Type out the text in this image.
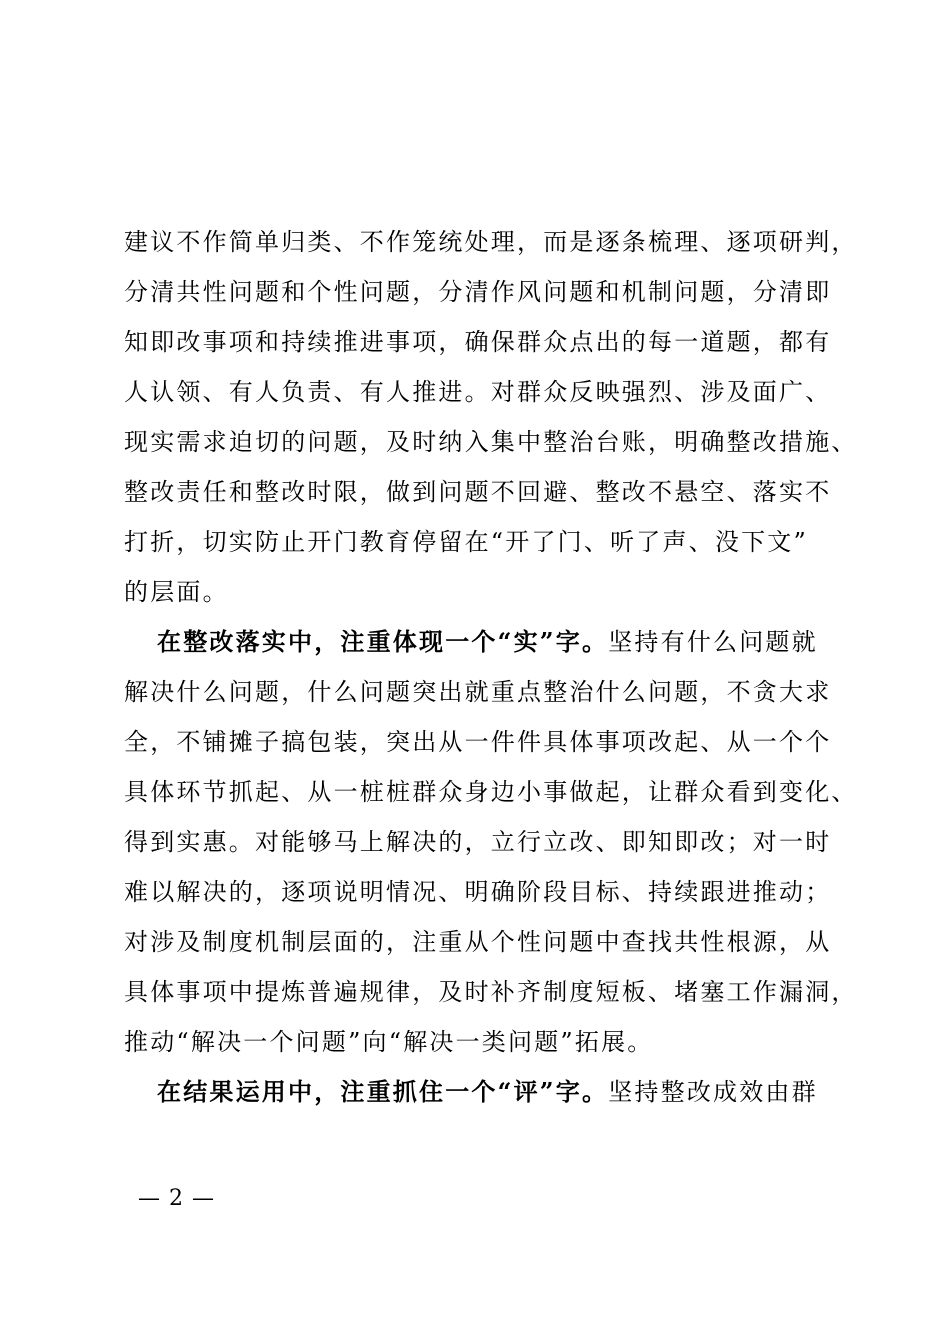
建议不作简单归类、不作笼统处理，而是逐条梳理、逐项研判，
分清共性问题和个性问题，分清作风问题和机制问题，分清即
知即改事项和持续推进事项，确保群众点出的每一道题，都有
人认领、有人负责、有人推进。对群众反映强烈、涉及面广、
现实需求迫切的问题，及时纳入集中整治台账，明确整改措施、
整改责任和整改时限，做到问题不回避、整改不悬空、落实不
打折，切实防止开门教育停留在“开了门、听了声、没下文”
的层面。
在整改落实中，注重体现一个“实”字。坚持有什么问题就
解决什么问题，什么问题突出就重点整治什么问题，不贪大求
全，不铺摊子搞包装，突出从一件件具体事项改起、从一个个
具体环节抓起、从一桩桩群众身边小事做起，让群众看到变化、
得到实惠。对能够马上解决的，立行立改、即知即改；对一时
难以解决的，逐项说明情况、明确阶段目标、持续跟进推动；
对涉及制度机制层面的，注重从个性问题中查找共性根源，从
具体事项中提炼普遍规律，及时补齐制度短板、堵塞工作漏洞，
推动“解决一个问题”向“解决一类问题”拓展。
在结果运用中，注重抓住一个“评”字。坚持整改成效由群
— 2 —
